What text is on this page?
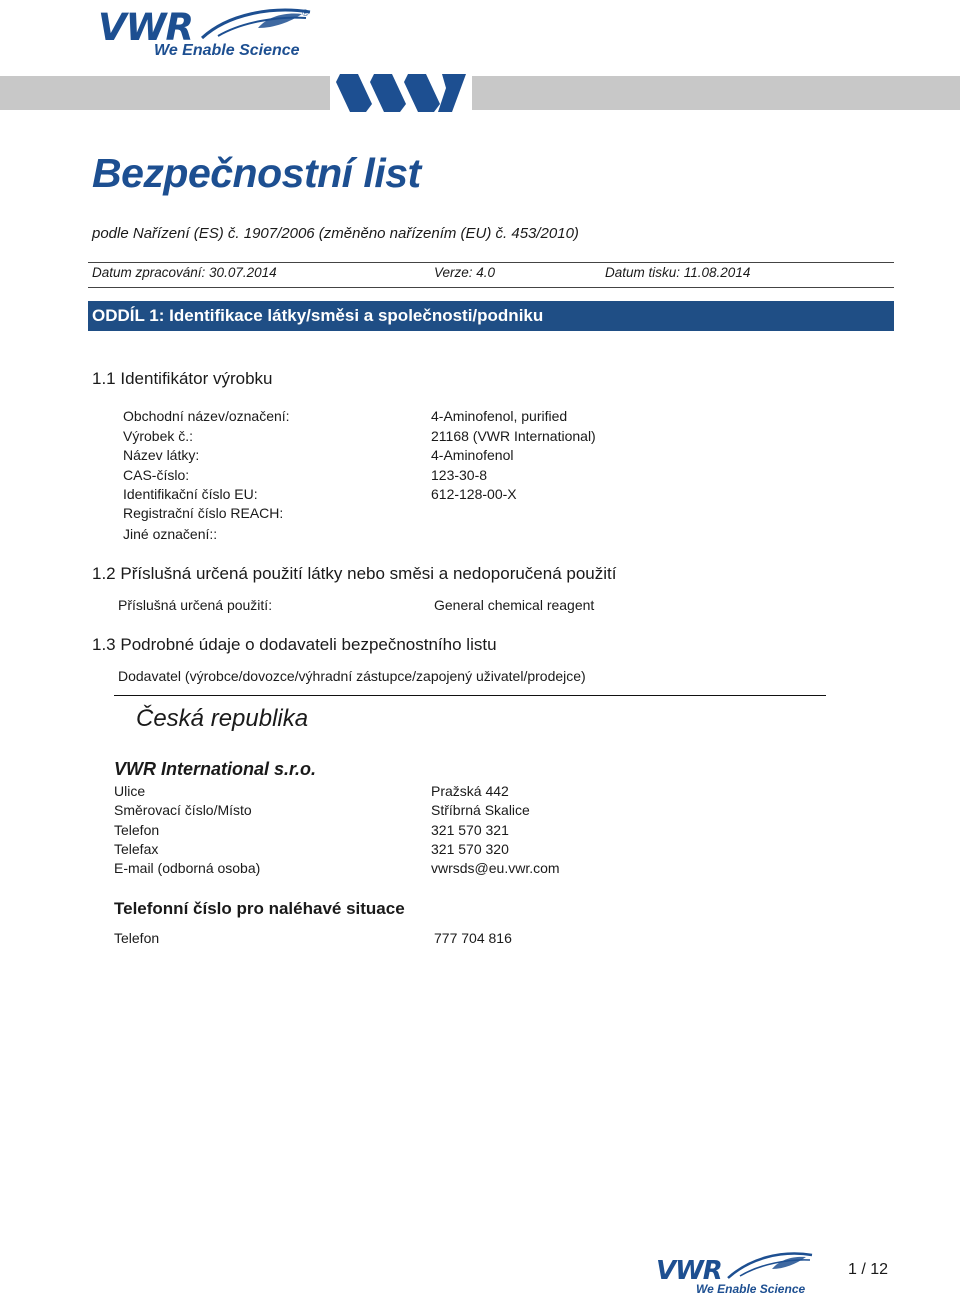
VWR	®
We Enable Science
Bezpečnostní list
podle Nařízení (ES) č. 1907/2006 (změněno nařízením (EU) č. 453/2010)
Datum zpracování: 30.07.2014	Verze: 4.0	Datum tisku: 11.08.2014
ODDÍL 1: Identifikace látky/směsi a společnosti/podniku
1.1 Identifikátor výrobku
Obchodní název/označení:	4-Aminofenol, purified
Výrobek č.:	21168 (VWR International)
Název látky:	4-Aminofenol
CAS-číslo:	123-30-8
Identifikační číslo EU:	612-128-00-X
Registrační číslo REACH:
Jiné označení::
1.2 Příslušná určená použití látky nebo směsi a nedoporučená použití
Příslušná určená použití:	General chemical reagent
1.3 Podrobné údaje o dodavateli bezpečnostního listu
Dodavatel (výrobce/dovozce/výhradní zástupce/zapojený uživatel/prodejce)
Česká republika
VWR International s.r.o.
Ulice	Pražská 442
Směrovací číslo/Místo	Stříbrná Skalice
Telefon	321 570 321
Telefax	321 570 320
E-mail (odborná osoba)	vwrsds@eu.vwr.com
Telefonní číslo pro naléhavé situace
Telefon	777 704 816
VWR
We Enable Science
1 / 12
